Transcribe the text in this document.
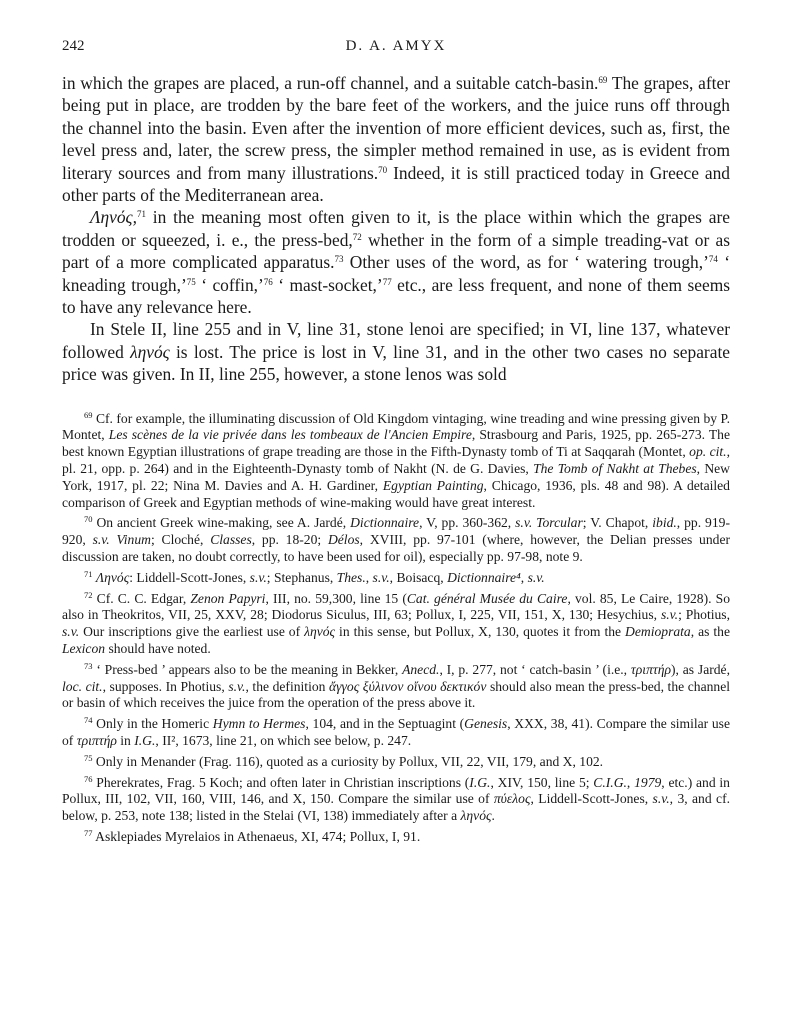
242	D. A. AMYX

in which the grapes are placed, a run-off channel, and a suitable catch-basin.$^{69}$ The grapes, after being put in place, are trodden by the bare feet of the workers, and the juice runs off through the channel into the basin. Even after the invention of more efficient devices, such as, first, the level press and, later, the screw press, the simpler method remained in use, as is evident from literary sources and from many illustrations.$^{70}$ Indeed, it is still practiced today in Greece and other parts of the Mediterranean area.

Ληνός,$^{71}$ in the meaning most often given to it, is the place within which the grapes are trodden or squeezed, i. e., the press-bed,$^{72}$ whether in the form of a simple treading-vat or as part of a more complicated apparatus.$^{73}$ Other uses of the word, as for ‘ watering trough,’$^{74}$ ‘ kneading trough,’$^{75}$ ‘ coffin,’$^{76}$ ‘ mast-socket,’$^{77}$ etc., are less frequent, and none of them seems to have any relevance here.

In Stele II, line 255 and in V, line 31, stone lenoi are specified; in VI, line 137, whatever followed ληνός is lost. The price is lost in V, line 31, and in the other two cases no separate price was given. In II, line 255, however, a stone lenos was sold

$^{69}$ Cf. for example, the illuminating discussion of Old Kingdom vintaging, wine treading and wine pressing given by P. Montet, Les scènes de la vie privée dans les tombeaux de l'Ancien Empire, Strasbourg and Paris, 1925, pp. 265-273. The best known Egyptian illustrations of grape treading are those in the Fifth-Dynasty tomb of Ti at Saqqarah (Montet, op. cit., pl. 21, opp. p. 264) and in the Eighteenth-Dynasty tomb of Nakht (N. de G. Davies, The Tomb of Nakht at Thebes, New York, 1917, pl. 22; Nina M. Davies and A. H. Gardiner, Egyptian Painting, Chicago, 1936, pls. 48 and 98). A detailed comparison of Greek and Egyptian methods of wine-making would have great interest.

$^{70}$ On ancient Greek wine-making, see A. Jardé, Dictionnaire, V, pp. 360-362, s.v. Torcular; V. Chapot, ibid., pp. 919-920, s.v. Vinum; Cloché, Classes, pp. 18-20; Délos, XVIII, pp. 97-101 (where, however, the Delian presses under discussion are taken, no doubt correctly, to have been used for oil), especially pp. 97-98, note 9.

$^{71}$ Ληνός: Liddell-Scott-Jones, s.v.; Stephanus, Thes., s.v., Boisacq, Dictionnaire⁴, s.v.

$^{72}$ Cf. C. C. Edgar, Zenon Papyri, III, no. 59,300, line 15 (Cat. général Musée du Caire, vol. 85, Le Caire, 1928). So also in Theokritos, VII, 25, XXV, 28; Diodorus Siculus, III, 63; Pollux, I, 225, VII, 151, X, 130; Hesychius, s.v.; Photius, s.v. Our inscriptions give the earliest use of ληνός in this sense, but Pollux, X, 130, quotes it from the Demioprata, as the Lexicon should have noted.

$^{73}$ ‘ Press-bed ’ appears also to be the meaning in Bekker, Anecd., I, p. 277, not ‘ catch-basin ’ (i.e., τριπτήρ), as Jardé, loc. cit., supposes. In Photius, s.v., the definition ἄγγος ξύλινον οἴνου δεκτικόν should also mean the press-bed, the channel or basin of which receives the juice from the operation of the press above it.

$^{74}$ Only in the Homeric Hymn to Hermes, 104, and in the Septuagint (Genesis, XXX, 38, 41). Compare the similar use of τριπτήρ in I.G., II², 1673, line 21, on which see below, p. 247.

$^{75}$ Only in Menander (Frag. 116), quoted as a curiosity by Pollux, VII, 22, VII, 179, and X, 102.

$^{76}$ Pherekrates, Frag. 5 Koch; and often later in Christian inscriptions (I.G., XIV, 150, line 5; C.I.G., 1979, etc.) and in Pollux, III, 102, VII, 160, VIII, 146, and X, 150. Compare the similar use of πύελος, Liddell-Scott-Jones, s.v., 3, and cf. below, p. 253, note 138; listed in the Stelai (VI, 138) immediately after a ληνός.

$^{77}$ Asklepiades Myrelaios in Athenaeus, XI, 474; Pollux, I, 91.
